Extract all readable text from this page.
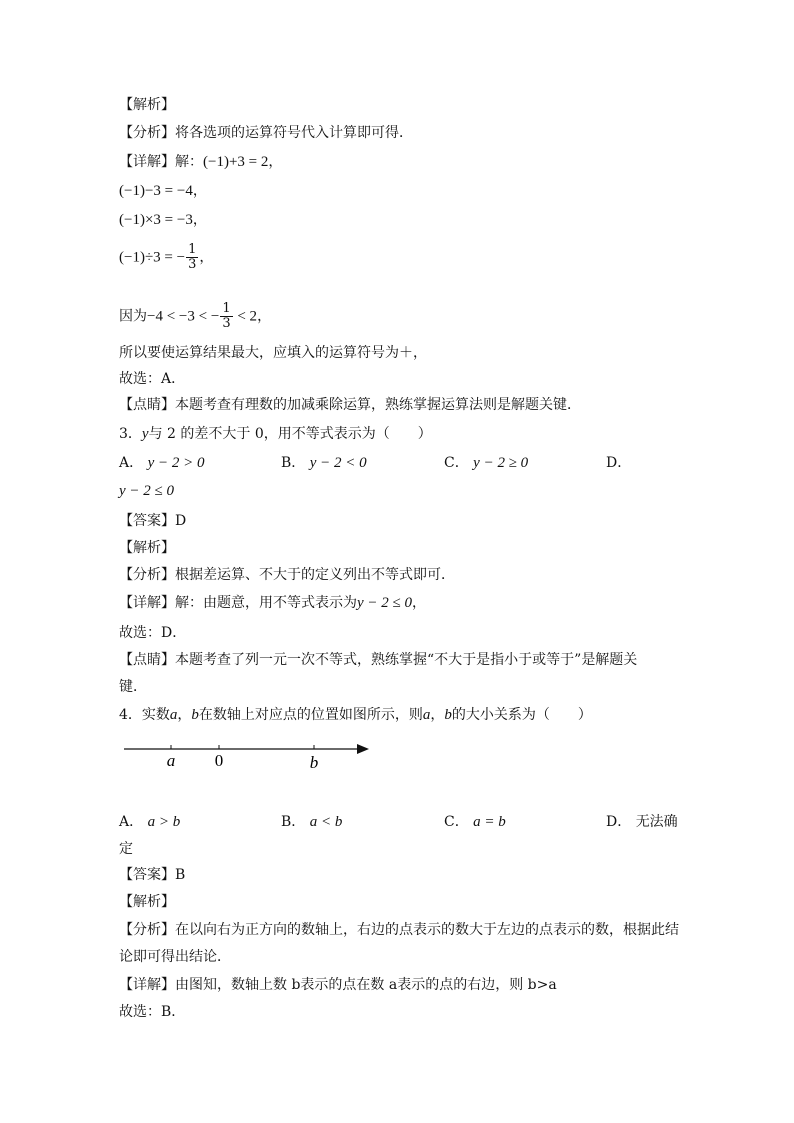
【解析】
【分析】将各选项的运算符号代入计算即可得．
【详解】解：(−1)+3 = 2，
(−1)−3 = −4，
(−1)×3 = −3，
(−1)÷3 = − $\frac{1}{3}$ ，
因为−4 < −3 < − $\frac{1}{3} < 2$，
所以要使运算结果最大，应填入的运算符号为＋，
故选：A．
【点睛】本题考查有理数的加减乘除运算，熟练掌握运算法则是解题关键．
3．y与 2 的差不大于 0，用不等式表示为（　　）
A． y − 2 > 0	B． y − 2 < 0	C． y − 2 ≥ 0	D．
y − 2 ≤ 0
【答案】D
【解析】
【分析】根据差运算、不大于的定义列出不等式即可．
【详解】解：由题意，用不等式表示为y − 2 ≤ 0，
故选：D．
【点睛】本题考查了列一元一次不等式，熟练掌握“不大于是指小于或等于”是解题关
键．
4．实数a，b在数轴上对应点的位置如图所示，则a，b的大小关系为（　　）
a 0	b
A． a > b	B． a < b	C． a = b	D． 无法确
定
【答案】B
【解析】
【分析】在以向右为正方向的数轴上，右边的点表示的数大于左边的点表示的数，根据此结
论即可得出结论．
【详解】由图知，数轴上数 b表示的点在数 a表示的点的右边，则 b>a
故选：B．
